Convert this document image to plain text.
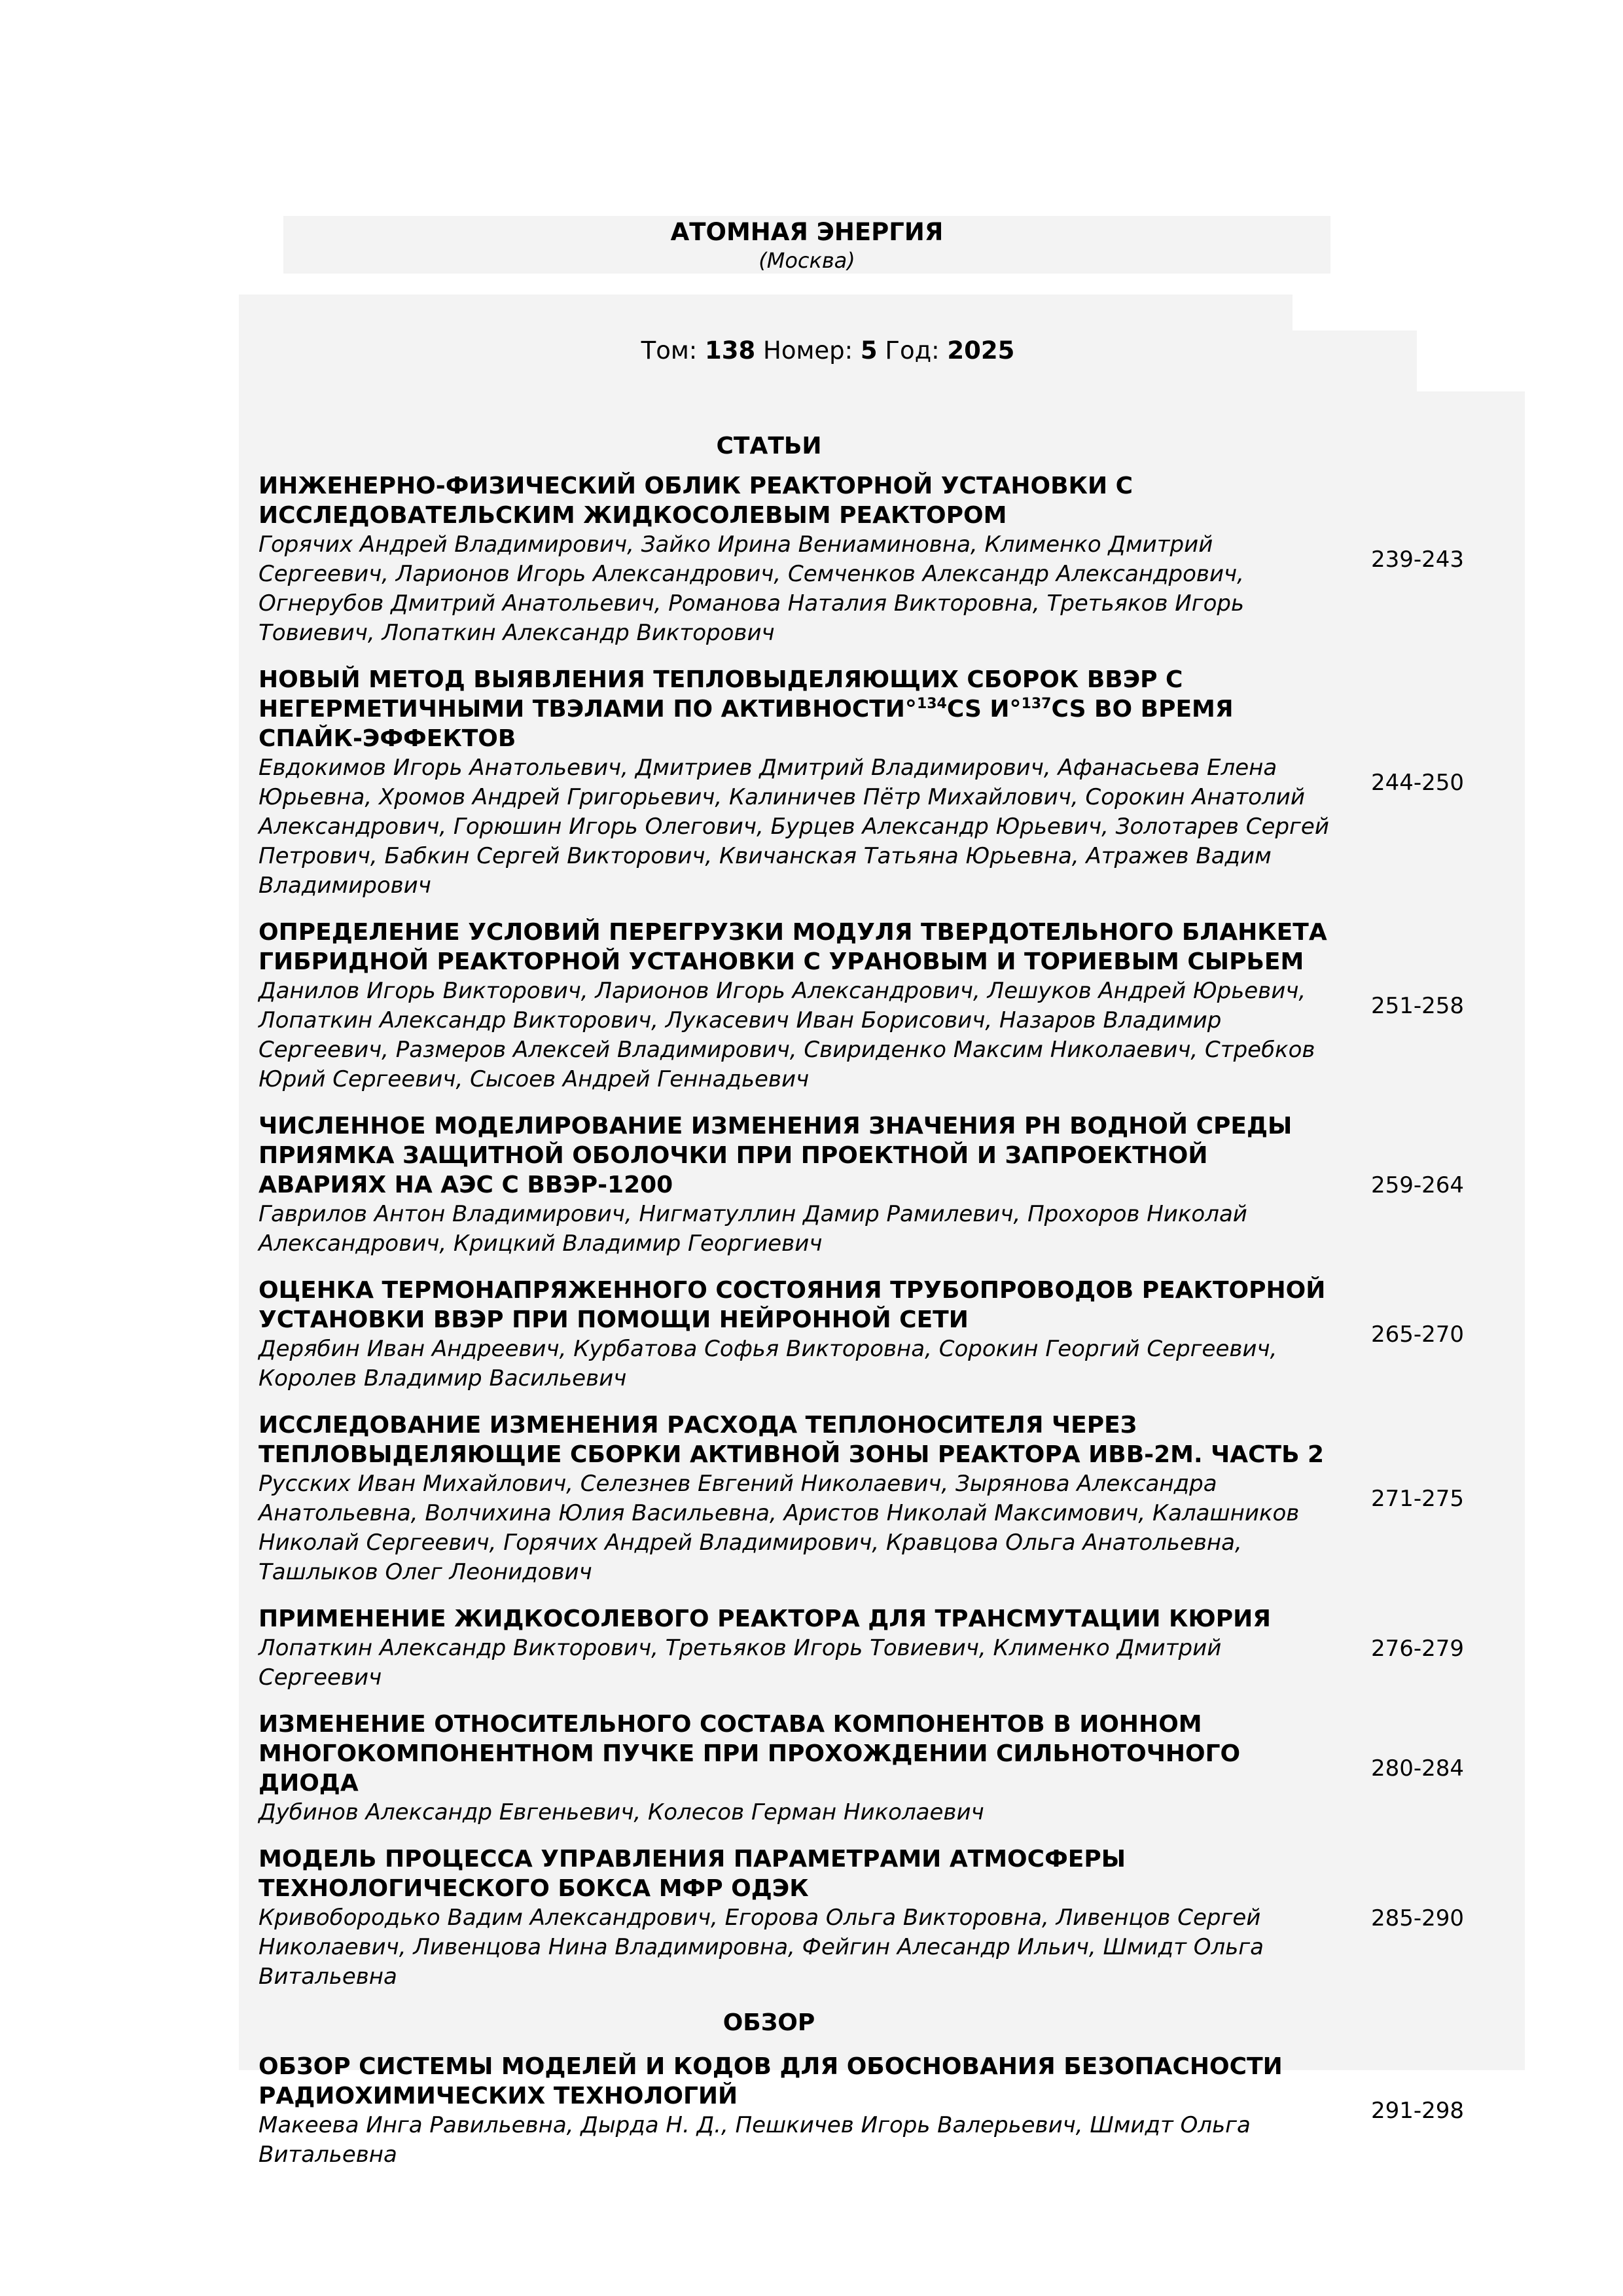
АТОМНАЯ ЭНЕРГИЯ
(Москва)
Том: 138 Номер: 5 Год: 2025
СТАТЬИ
ИНЖЕНЕРНО-ФИЗИЧЕСКИЙ ОБЛИК РЕАКТОРНОЙ УСТАНОВКИ С ИССЛЕДОВАТЕЛЬСКИМ ЖИДКОСОЛЕВЫМ РЕАКТОРОМ
Горячих Андрей Владимирович, Зайко Ирина Вениаминовна, Клименко Дмитрий Сергеевич, Ларионов Игорь Александрович, Семченков Александр Александрович, Огнерубов Дмитрий Анатольевич, Романова Наталия Викторовна, Третьяков Игорь Товиевич, Лопаткин Александр Викторович
239-243
НОВЫЙ МЕТОД ВЫЯВЛЕНИЯ ТЕПЛОВЫДЕЛЯЮЩИХ СБОРОК ВВЭР С НЕГЕРМЕТИЧНЫМИ ТВЭЛАМИ ПО АКТИВНОСТИ°$^{134}$CS И°$^{137}$CS ВО ВРЕМЯ СПАЙК-ЭФФЕКТОВ
Евдокимов Игорь Анатольевич, Дмитриев Дмитрий Владимирович, Афанасьева Елена Юрьевна, Хромов Андрей Григорьевич, Калиничев Пётр Михайлович, Сорокин Анатолий Александрович, Горюшин Игорь Олегович, Бурцев Александр Юрьевич, Золотарев Сергей Петрович, Бабкин Сергей Викторович, Квичанская Татьяна Юрьевна, Атражев Вадим Владимирович
244-250
ОПРЕДЕЛЕНИЕ УСЛОВИЙ ПЕРЕГРУЗКИ МОДУЛЯ ТВЕРДОТЕЛЬНОГО БЛАНКЕТА ГИБРИДНОЙ РЕАКТОРНОЙ УСТАНОВКИ С УРАНОВЫМ И ТОРИЕВЫМ СЫРЬЕМ
Данилов Игорь Викторович, Ларионов Игорь Александрович, Лешуков Андрей Юрьевич, Лопаткин Александр Викторович, Лукасевич Иван Борисович, Назаров Владимир Сергеевич, Размеров Алексей Владимирович, Свириденко Максим Николаевич, Стребков Юрий Сергеевич, Сысоев Андрей Геннадьевич
251-258
ЧИСЛЕННОЕ МОДЕЛИРОВАНИЕ ИЗМЕНЕНИЯ ЗНАЧЕНИЯ PH ВОДНОЙ СРЕДЫ ПРИЯМКА ЗАЩИТНОЙ ОБОЛОЧКИ ПРИ ПРОЕКТНОЙ И ЗАПРОЕКТНОЙ АВАРИЯХ НА АЭС С ВВЭР-1200
Гаврилов Антон Владимирович, Нигматуллин Дамир Рамилевич, Прохоров Николай Александрович, Крицкий Владимир Георгиевич
259-264
ОЦЕНКА ТЕРМОНАПРЯЖЕННОГО СОСТОЯНИЯ ТРУБОПРОВОДОВ РЕАКТОРНОЙ УСТАНОВКИ ВВЭР ПРИ ПОМОЩИ НЕЙРОННОЙ СЕТИ
Дерябин Иван Андреевич, Курбатова Софья Викторовна, Сорокин Георгий Сергеевич, Королев Владимир Васильевич
265-270
ИССЛЕДОВАНИЕ ИЗМЕНЕНИЯ РАСХОДА ТЕПЛОНОСИТЕЛЯ ЧЕРЕЗ ТЕПЛОВЫДЕЛЯЮЩИЕ СБОРКИ АКТИВНОЙ ЗОНЫ РЕАКТОРА ИВВ-2М. ЧАСТЬ 2
Русских Иван Михайлович, Селезнев Евгений Николаевич, Зырянова Александра Анатольевна, Волчихина Юлия Васильевна, Аристов Николай Максимович, Калашников Николай Сергеевич, Горячих Андрей Владимирович, Кравцова Ольга Анатольевна, Ташлыков Олег Леонидович
271-275
ПРИМЕНЕНИЕ ЖИДКОСОЛЕВОГО РЕАКТОРА ДЛЯ ТРАНСМУТАЦИИ КЮРИЯ
Лопаткин Александр Викторович, Третьяков Игорь Товиевич, Клименко Дмитрий Сергеевич
276-279
ИЗМЕНЕНИЕ ОТНОСИТЕЛЬНОГО СОСТАВА КОМПОНЕНТОВ В ИОННОМ МНОГОКОМПОНЕНТНОМ ПУЧКЕ ПРИ ПРОХОЖДЕНИИ СИЛЬНОТОЧНОГО ДИОДА
Дубинов Александр Евгеньевич, Колесов Герман Николаевич
280-284
МОДЕЛЬ ПРОЦЕССА УПРАВЛЕНИЯ ПАРАМЕТРАМИ АТМОСФЕРЫ ТЕХНОЛОГИЧЕСКОГО БОКСА МФР ОДЭК
Кривобородько Вадим Александрович, Егорова Ольга Викторовна, Ливенцов Сергей Николаевич, Ливенцова Нина Владимировна, Фейгин Алесандр Ильич, Шмидт Ольга Витальевна
285-290
ОБЗОР
ОБЗОР СИСТЕМЫ МОДЕЛЕЙ И КОДОВ ДЛЯ ОБОСНОВАНИЯ БЕЗОПАСНОСТИ РАДИОХИМИЧЕСКИХ ТЕХНОЛОГИЙ
Макеева Инга Равильевна, Дырда Н. Д., Пешкичев Игорь Валерьевич, Шмидт Ольга Витальевна
291-298
